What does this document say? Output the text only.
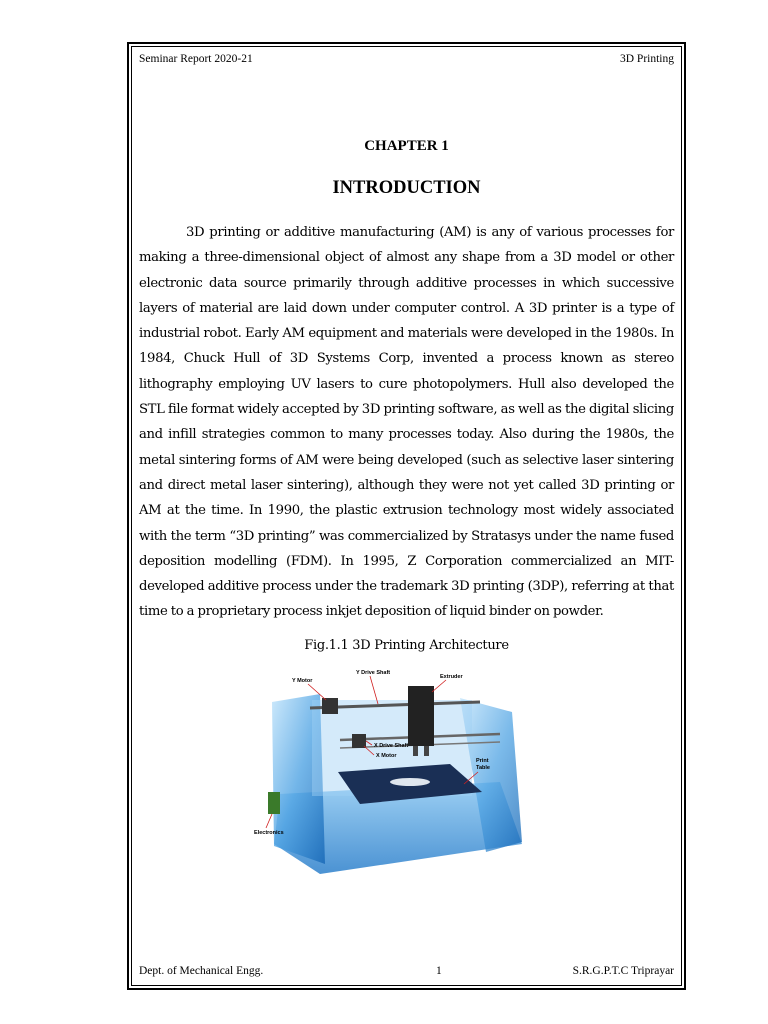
Seminar Report 2020-21	3D Printing
CHAPTER 1
INTRODUCTION

3D printing or additive manufacturing (AM) is any of various processes for making a three-dimensional object of almost any shape from a 3D model or other electronic data source primarily through additive processes in which successive layers of material are laid down under computer control. A 3D printer is a type of industrial robot. Early AM equipment and materials were developed in the 1980s. In 1984, Chuck Hull of 3D Systems Corp, invented a process known as stereo lithography employing UV lasers to cure photopolymers. Hull also developed the STL file format widely accepted by 3D printing software, as well as the digital slicing and infill strategies common to many processes today. Also during the 1980s, the metal sintering forms of AM were being developed (such as selective laser sintering and direct metal laser sintering), although they were not yet called 3D printing or AM at the time. In 1990, the plastic extrusion technology most widely associated with the term “3D printing” was commercialized by Stratasys under the name fused deposition modelling (FDM). In 1995, Z Corporation commercialized an MIT-developed additive process under the trademark 3D printing (3DP), referring at that time to a proprietary process inkjet deposition of liquid binder on powder.

Fig.1.1 3D Printing Architecture
Y Motor
Y Drive Shaft
Extruder
X Drive Shaft
X Motor
Print
Table
Electronics
Dept. of Mechanical Engg.	1	S.R.G.P.T.C Triprayar
